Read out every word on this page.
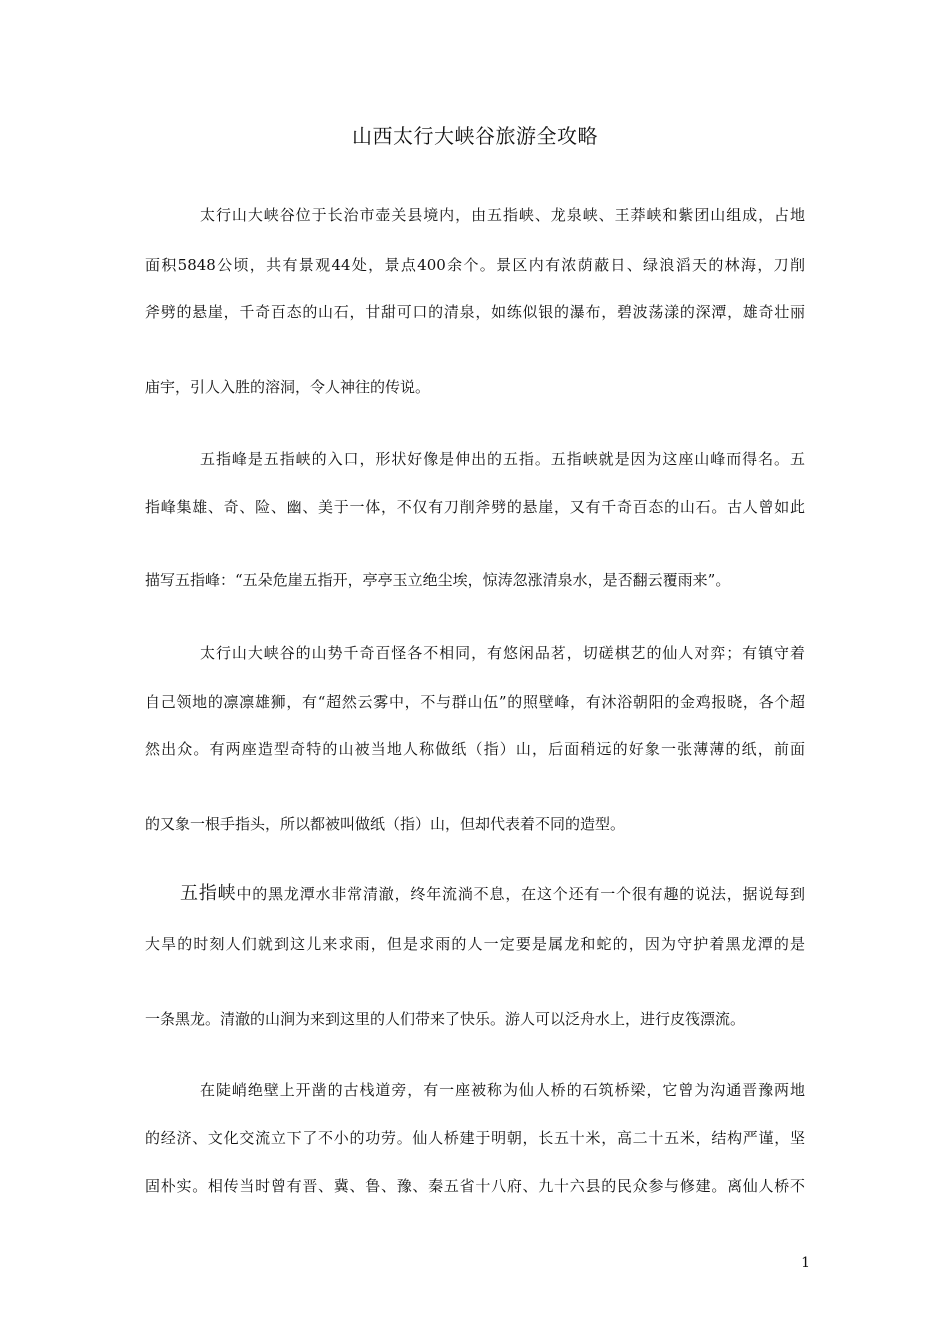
山西太行大峡谷旅游全攻略
太行山大峡谷位于长治市壶关县境内，由五指峡、龙泉峡、王莽峡和紫团山组成，占地
面积5848公顷，共有景观44处，景点400余个。景区内有浓荫蔽日、绿浪滔天的林海，刀削
斧劈的悬崖，千奇百态的山石，甘甜可口的清泉，如练似银的瀑布，碧波荡漾的深潭，雄奇壮丽
庙宇，引人入胜的溶洞，令人神往的传说。
五指峰是五指峡的入口，形状好像是伸出的五指。五指峡就是因为这座山峰而得名。五
指峰集雄、奇、险、幽、美于一体，不仅有刀削斧劈的悬崖，又有千奇百态的山石。古人曾如此
描写五指峰：“五朵危崖五指开，亭亭玉立绝尘埃，惊涛忽涨清泉水，是否翻云覆雨来”。
太行山大峡谷的山势千奇百怪各不相同，有悠闲品茗，切磋棋艺的仙人对弈；有镇守着
自己领地的凛凛雄狮，有“超然云雾中，不与群山伍”的照壁峰，有沐浴朝阳的金鸡报晓，各个超
然出众。有两座造型奇特的山被当地人称做纸（指）山，后面稍远的好象一张薄薄的纸，前面
的又象一根手指头，所以都被叫做纸（指）山，但却代表着不同的造型。
五指峡中的黑龙潭水非常清澈，终年流淌不息，在这个还有一个很有趣的说法，据说每到
大旱的时刻人们就到这儿来求雨，但是求雨的人一定要是属龙和蛇的，因为守护着黑龙潭的是
一条黑龙。清澈的山涧为来到这里的人们带来了快乐。游人可以泛舟水上，进行皮筏漂流。
在陡峭绝壁上开凿的古栈道旁，有一座被称为仙人桥的石筑桥梁，它曾为沟通晋豫两地
的经济、文化交流立下了不小的功劳。仙人桥建于明朝，长五十米，高二十五米，结构严谨，坚
固朴实。相传当时曾有晋、冀、鲁、豫、秦五省十八府、九十六县的民众参与修建。离仙人桥不
1
